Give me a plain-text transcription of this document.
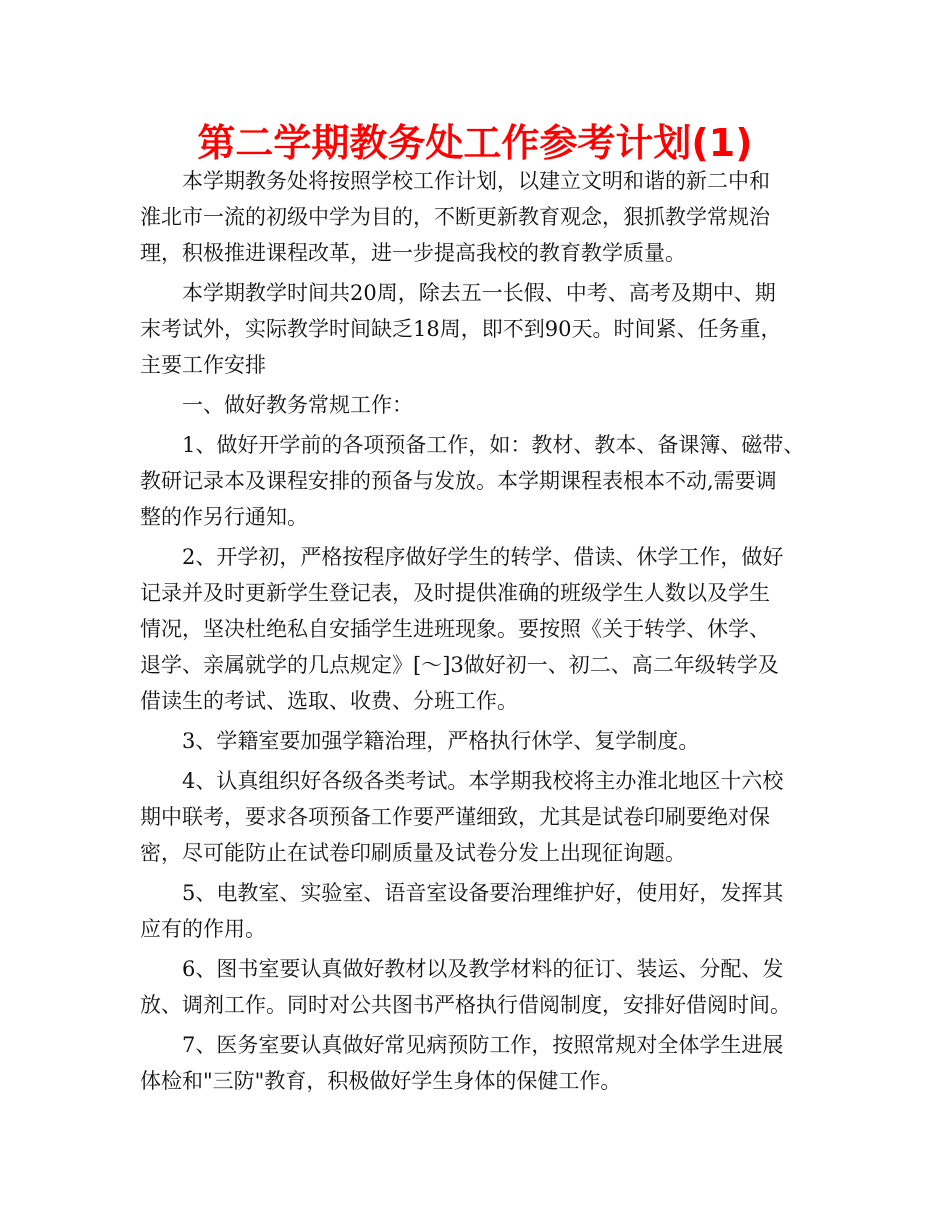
第二学期教务处工作参考计划(1)
本学期教务处将按照学校工作计划，以建立文明和谐的新二中和
淮北市一流的初级中学为目的，不断更新教育观念，狠抓教学常规治
理，积极推进课程改革，进一步提高我校的教育教学质量。
本学期教学时间共20周，除去五一长假、中考、高考及期中、期
末考试外，实际教学时间缺乏18周，即不到90天。时间紧、任务重，
主要工作安排
一、做好教务常规工作：
1、做好开学前的各项预备工作，如：教材、教本、备课簿、磁带、
教研记录本及课程安排的预备与发放。本学期课程表根本不动,需要调
整的作另行通知。
2、开学初，严格按程序做好学生的转学、借读、休学工作，做好
记录并及时更新学生登记表，及时提供准确的班级学生人数以及学生
情况，坚决杜绝私自安插学生进班现象。要按照《关于转学、休学、
退学、亲属就学的几点规定》[～]3做好初一、初二、高二年级转学及
借读生的考试、选取、收费、分班工作。
3、学籍室要加强学籍治理，严格执行休学、复学制度。
4、认真组织好各级各类考试。本学期我校将主办淮北地区十六校
期中联考，要求各项预备工作要严谨细致，尤其是试卷印刷要绝对保
密，尽可能防止在试卷印刷质量及试卷分发上出现征询题。
5、电教室、实验室、语音室设备要治理维护好，使用好，发挥其
应有的作用。
6、图书室要认真做好教材以及教学材料的征订、装运、分配、发
放、调剂工作。同时对公共图书严格执行借阅制度，安排好借阅时间。
7、医务室要认真做好常见病预防工作，按照常规对全体学生进展
体检和"三防"教育，积极做好学生身体的保健工作。
